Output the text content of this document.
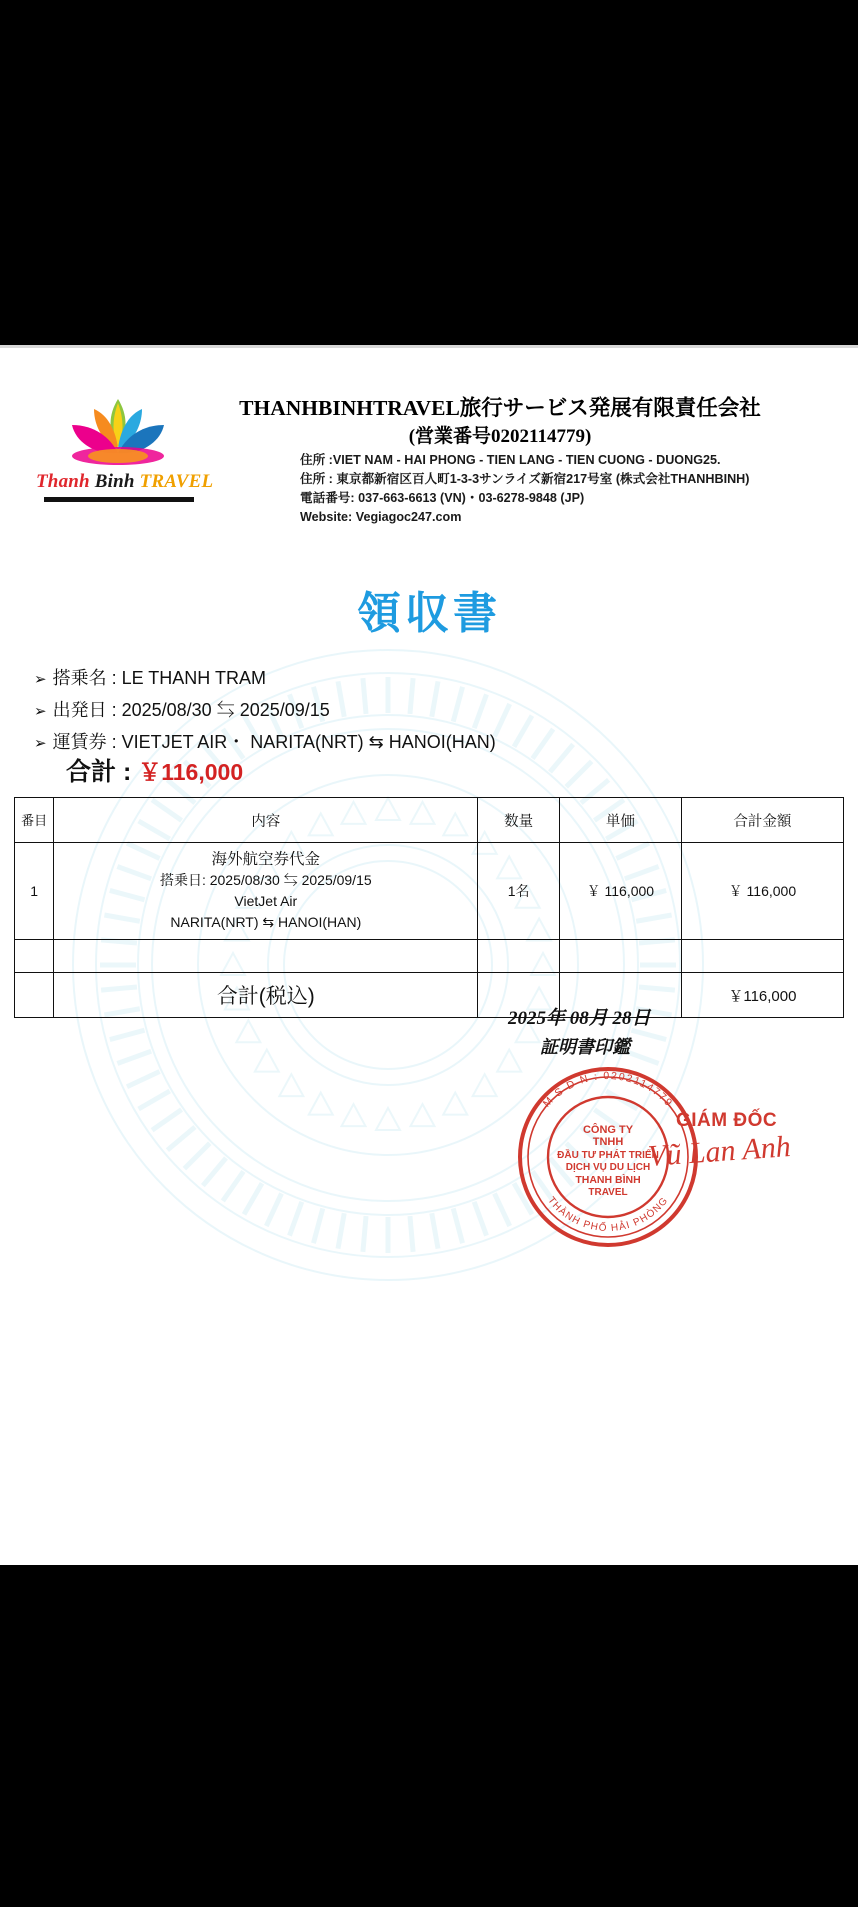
Thanh Binh TRAVEL
THANHBINHTRAVEL旅行サービス発展有限責任会社
(営業番号0202114779)
住所 :VIET NAM - HAI PHONG - TIEN LANG - TIEN CUONG - DUONG25.
住所 : 東京都新宿区百人町1-3-3サンライズ新宿217号室 (株式会社THANHBINH)
電話番号: 037-663-6613 (VN)・03-6278-9848 (JP)
Website: Vegiagoc247.com
領収書
➢ 搭乗名 : LE THANH TRAM
➢ 出発日 : 2025/08/30 ⇆ 2025/09/15
➢ 運賃券 : VIETJET AIR・ NARITA(NRT) ⇆ HANOI(HAN)
合計 : ￥116,000
番目	内容	数量	単価	合計金額
1	海外航空券代金
搭乗日: 2025/08/30 ⇆ 2025/09/15
VietJet Air
NARITA(NRT) ⇆ HANOI(HAN)	1名	￥ 116,000	￥ 116,000

	合計(税込)			￥116,000
2025年 08月 28日
証明書印鑑
M S D N : 0202114779
THÀNH PHỐ HẢI PHÒNG
CÔNG TY
TNHH
ĐẦU TƯ PHÁT TRIỂN
DỊCH VỤ DU LỊCH
THANH BÌNH
TRAVEL
GIÁM ĐỐC
Vũ Lan Anh
